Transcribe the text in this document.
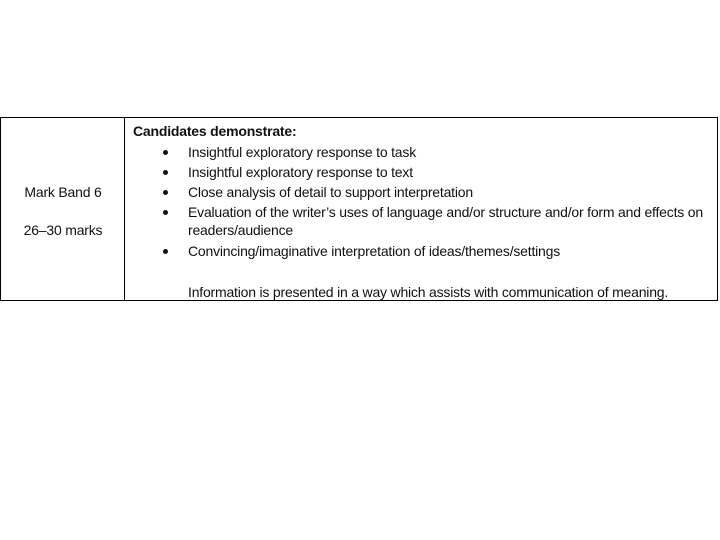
Mark Band 6
26–30 marks
Candidates demonstrate:
Insightful exploratory response to task
Insightful exploratory response to text
Close analysis of detail to support interpretation
Evaluation of the writer’s uses of language and/or structure and/or form and effects on readers/audience
Convincing/imaginative interpretation of ideas/themes/settings
Information is presented in a way which assists with communication of meaning.
